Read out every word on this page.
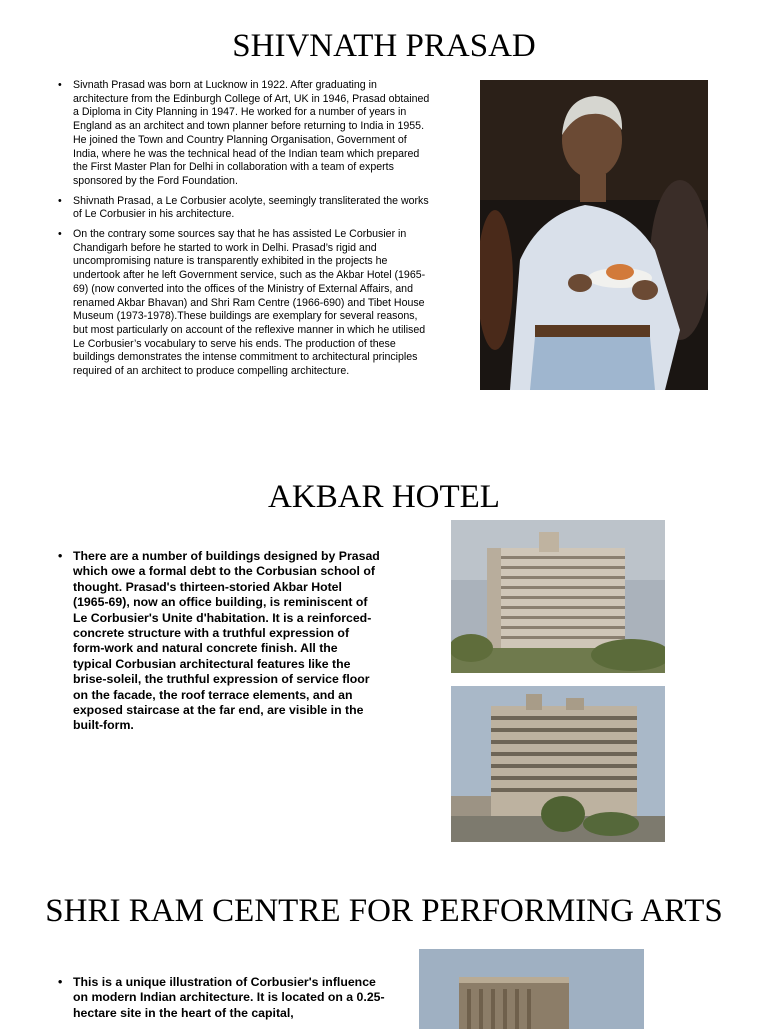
SHIVNATH PRASAD
• Sivnath Prasad was born at Lucknow in 1922. After graduating in architecture from the Edinburgh College of Art, UK in 1946, Prasad obtained a Diploma in City Planning in 1947. He worked for a number of years in England as an architect and town planner before returning to India in 1955. He joined the Town and Country Planning Organisation, Government of India, where he was the technical head of the Indian team which prepared the First Master Plan for Delhi in collaboration with a team of experts sponsored by the Ford Foundation.
• Shivnath Prasad, a Le Corbusier acolyte, seemingly transliterated the works of Le Corbusier in his architecture.
• On the contrary some sources say that he has assisted Le Corbusier in Chandigarh before he started to work in Delhi. Prasad’s rigid and uncompromising nature is transparently exhibited in the projects he undertook after he left Government service, such as the Akbar Hotel (1965-69) (now converted into the offices of the Ministry of External Affairs, and renamed Akbar Bhavan) and Shri Ram Centre (1966-690) and Tibet House Museum (1973-1978).These buildings are exemplary for several reasons, but most particularly on account of the reflexive manner in which he utilised Le Corbusier’s vocabulary to serve his ends. The production of these buildings demonstrates the intense commitment to architectural principles required of an architect to produce compelling architecture.
AKBAR HOTEL
• There are a number of buildings designed by Prasad which owe a formal debt to the Corbusian school of thought. Prasad's thirteen-storied Akbar Hotel (1965-69), now an office building, is reminiscent of Le Corbusier's Unite d'habitation. It is a reinforced-concrete structure with a truthful expression of form-work and natural concrete finish. All the typical Corbusian architectural features like the brise-soleil, the truthful expression of service floor on the facade, the roof terrace elements, and an exposed staircase at the far end, are visible in the built-form.
SHRI RAM CENTRE FOR PERFORMING ARTS
• This is a unique illustration of Corbusier's influence on modern Indian architecture. It is located on a 0.25-hectare site in the heart of the capital,
